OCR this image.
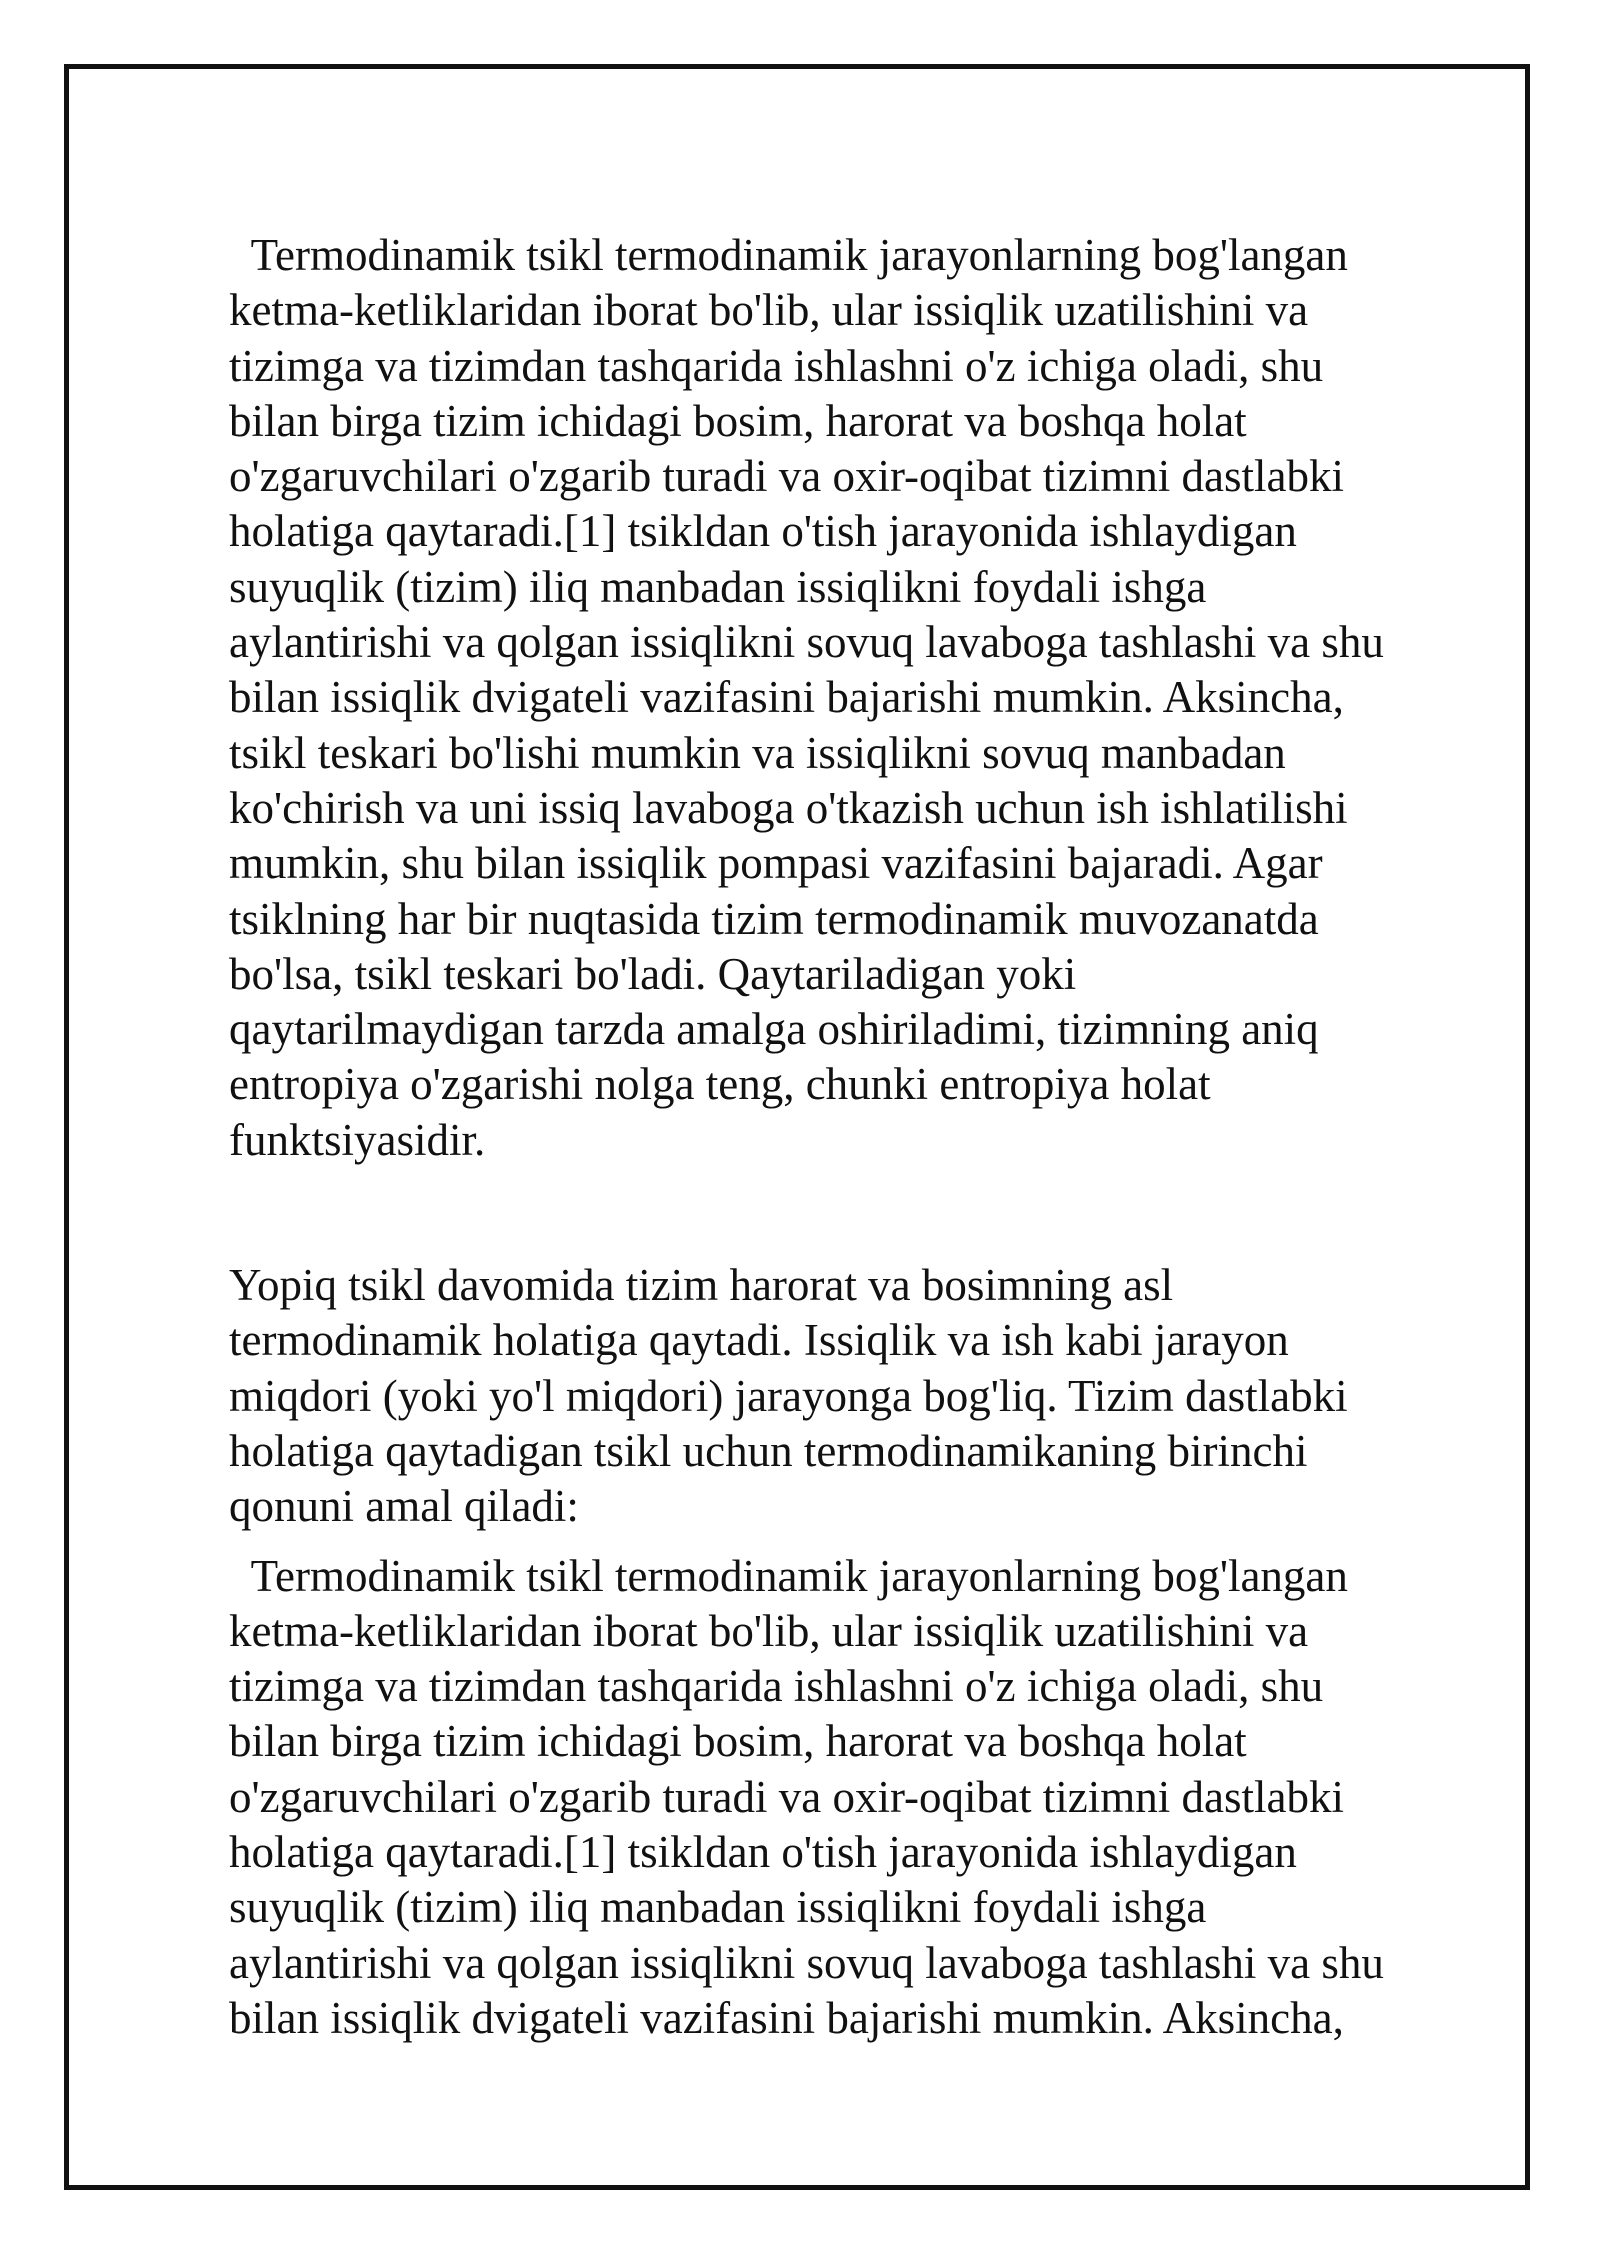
Termodinamik tsikl termodinamik jarayonlarning bog'langan
ketma-ketliklaridan iborat bo'lib, ular issiqlik uzatilishini va
tizimga va tizimdan tashqarida ishlashni o'z ichiga oladi, shu
bilan birga tizim ichidagi bosim, harorat va boshqa holat
o'zgaruvchilari o'zgarib turadi va oxir-oqibat tizimni dastlabki
holatiga qaytaradi.[1] tsikldan o'tish jarayonida ishlaydigan
suyuqlik (tizim) iliq manbadan issiqlikni foydali ishga
aylantirishi va qolgan issiqlikni sovuq lavaboga tashlashi va shu
bilan issiqlik dvigateli vazifasini bajarishi mumkin. Aksincha,
tsikl teskari bo'lishi mumkin va issiqlikni sovuq manbadan
ko'chirish va uni issiq lavaboga o'tkazish uchun ish ishlatilishi
mumkin, shu bilan issiqlik pompasi vazifasini bajaradi. Agar
tsiklning har bir nuqtasida tizim termodinamik muvozanatda
bo'lsa, tsikl teskari bo'ladi. Qaytariladigan yoki
qaytarilmaydigan tarzda amalga oshiriladimi, tizimning aniq
entropiya o'zgarishi nolga teng, chunki entropiya holat
funktsiyasidir.
Yopiq tsikl davomida tizim harorat va bosimning asl
termodinamik holatiga qaytadi. Issiqlik va ish kabi jarayon
miqdori (yoki yo'l miqdori) jarayonga bog'liq. Tizim dastlabki
holatiga qaytadigan tsikl uchun termodinamikaning birinchi
qonuni amal qiladi:
Termodinamik tsikl termodinamik jarayonlarning bog'langan
ketma-ketliklaridan iborat bo'lib, ular issiqlik uzatilishini va
tizimga va tizimdan tashqarida ishlashni o'z ichiga oladi, shu
bilan birga tizim ichidagi bosim, harorat va boshqa holat
o'zgaruvchilari o'zgarib turadi va oxir-oqibat tizimni dastlabki
holatiga qaytaradi.[1] tsikldan o'tish jarayonida ishlaydigan
suyuqlik (tizim) iliq manbadan issiqlikni foydali ishga
aylantirishi va qolgan issiqlikni sovuq lavaboga tashlashi va shu
bilan issiqlik dvigateli vazifasini bajarishi mumkin. Aksincha,
